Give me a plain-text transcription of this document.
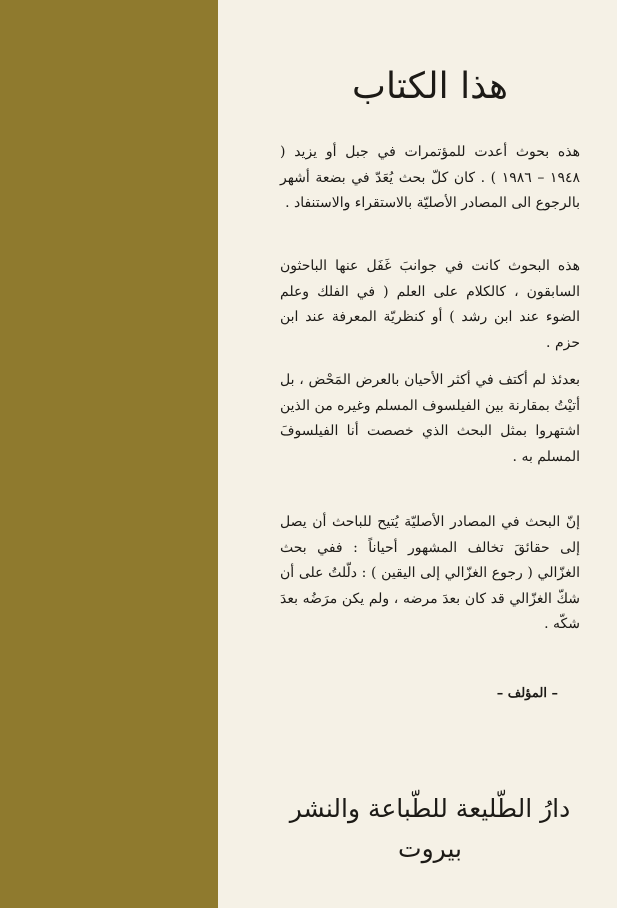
هذا الكتاب

هذه بحوث أعدت للمؤتمرات في جبل أو يزيد ( ١٩٤٨ – ١٩٨٦ ) . كان كلّ بحث يُعَدّ في بضعة أشهر بالرجوع الى المصادر الأصليّة بالاستقراء والاستنفاد .

هذه البحوث كانت في جوانبَ غَفَل عنها الباحثون السابقون ، كالكلام على العلم ( في الفلك وعلم الضوء عند ابن رشد ) أو كنظريّة المعرفة عند ابن حزم .

بعدئذ لم أكتف في أكثر الأحيان بالعرض المَحْض ، بل أتيْتُ بمقارنة بين الفيلسوف المسلم وغيره من الذين اشتهروا بمثل البحث الذي خصصت أنا الفيلسوفَ المسلم به .

إنّ البحث في المصادر الأصليّة يُتيح للباحث أن يصل إلى حقائقَ تخالف المشهور أحياناً : ففي بحث الغزّالي ( رجوع الغزّالي إلى اليقين ) : دلّلتُ على أن شكّ الغزّالي قد كان بعدَ مرضه ، ولم يكن مرَضُه بعدَ شكّه .

– المؤلف –
دارُ الطّليعة للطّباعة والنشر
بيروت
